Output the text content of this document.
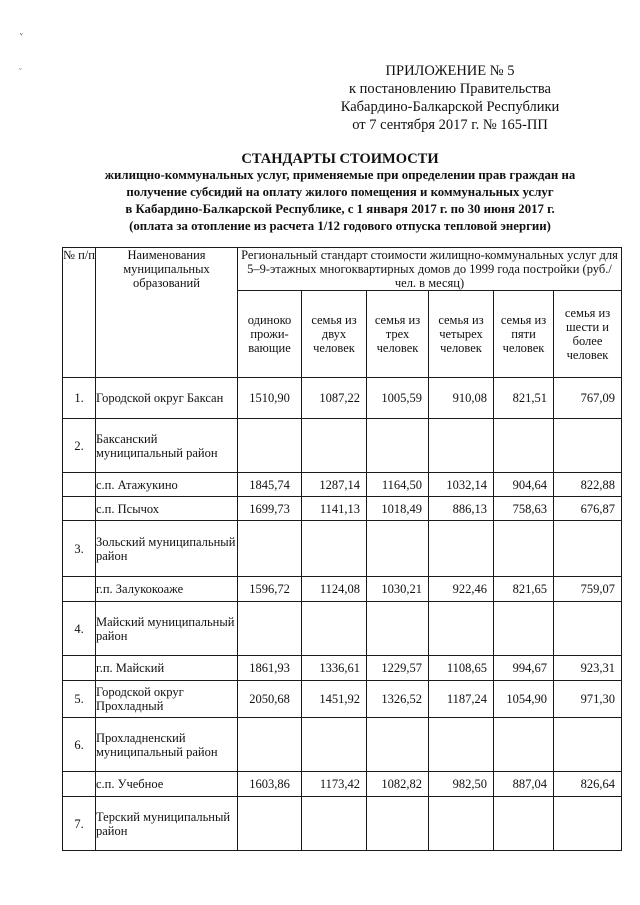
ᵛ
ᵕ	ПРИЛОЖЕНИЕ № 5
к постановлению Правительства
Кабардино-Балкарской Республики
от 7 сентября 2017 г. № 165-ПП
СТАНДАРТЫ СТОИМОСТИ
жилищно-коммунальных услуг, применяемые при определении прав граждан на
получение субсидий на оплату жилого помещения и коммунальных услуг
в Кабардино-Балкарской Республике, с 1 января 2017 г. по 30 июня 2017 г.
(оплата за отопление из расчета 1/12 годового отпуска тепловой энергии)
№ п/п	Наименования муниципальных образований	Региональный стандарт стоимости жилищно-коммунальных услуг для 5–9-этажных многоквартирных домов до 1999 года постройки (руб./чел. в месяц)					
		одиноко прожи- вающие	семья из двух человек	семья из трех человек	семья из четырех человек	семья из пяти человек	семья из шести и более человек
1.	Городской округ Баксан	1510,90	1087,22	1005,59	910,08	821,51	767,09
2.	Баксанский муниципальный район						
	с.п. Атажукино	1845,74	1287,14	1164,50	1032,14	904,64	822,88
	с.п. Псычох	1699,73	1141,13	1018,49	886,13	758,63	676,87
3.	Зольский муниципальный район						
	г.п. Залукокоаже	1596,72	1124,08	1030,21	922,46	821,65	759,07
4.	Майский муниципальный район						
	г.п. Майский	1861,93	1336,61	1229,57	1108,65	994,67	923,31
5.	Городской округ Прохладный	2050,68	1451,92	1326,52	1187,24	1054,90	971,30
6.	Прохладненский муниципальный район						
	с.п. Учебное	1603,86	1173,42	1082,82	982,50	887,04	826,64
7.	Терский муниципальный район						
